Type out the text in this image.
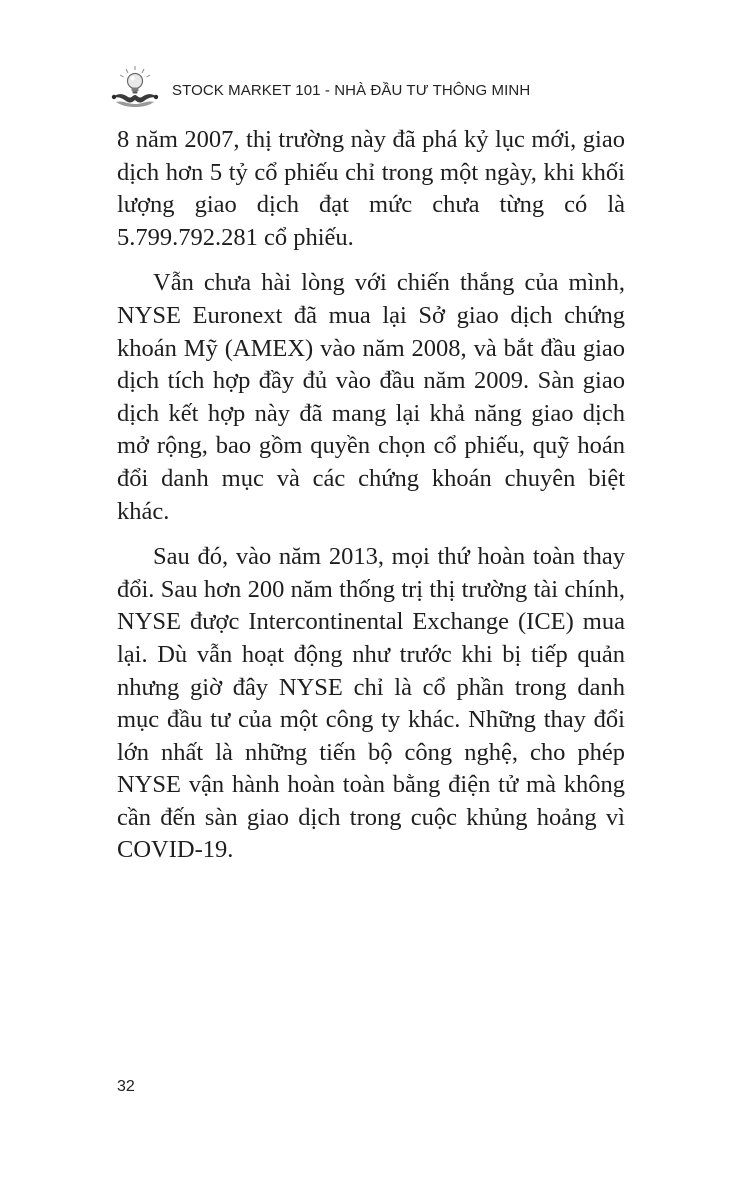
STOCK MARKET 101 - NHÀ ĐẦU TƯ THÔNG MINH

8 năm 2007, thị trường này đã phá kỷ lục mới, giao dịch hơn 5 tỷ cổ phiếu chỉ trong một ngày, khi khối lượng giao dịch đạt mức chưa từng có là 5.799.792.281 cổ phiếu.

Vẫn chưa hài lòng với chiến thắng của mình, NYSE Euronext đã mua lại Sở giao dịch chứng khoán Mỹ (AMEX) vào năm 2008, và bắt đầu giao dịch tích hợp đầy đủ vào đầu năm 2009. Sàn giao dịch kết hợp này đã mang lại khả năng giao dịch mở rộng, bao gồm quyền chọn cổ phiếu, quỹ hoán đổi danh mục và các chứng khoán chuyên biệt khác.

Sau đó, vào năm 2013, mọi thứ hoàn toàn thay đổi. Sau hơn 200 năm thống trị thị trường tài chính, NYSE được Intercontinental Exchange (ICE) mua lại. Dù vẫn hoạt động như trước khi bị tiếp quản nhưng giờ đây NYSE chỉ là cổ phần trong danh mục đầu tư của một công ty khác. Những thay đổi lớn nhất là những tiến bộ công nghệ, cho phép NYSE vận hành hoàn toàn bằng điện tử mà không cần đến sàn giao dịch trong cuộc khủng hoảng vì COVID-19.

32
